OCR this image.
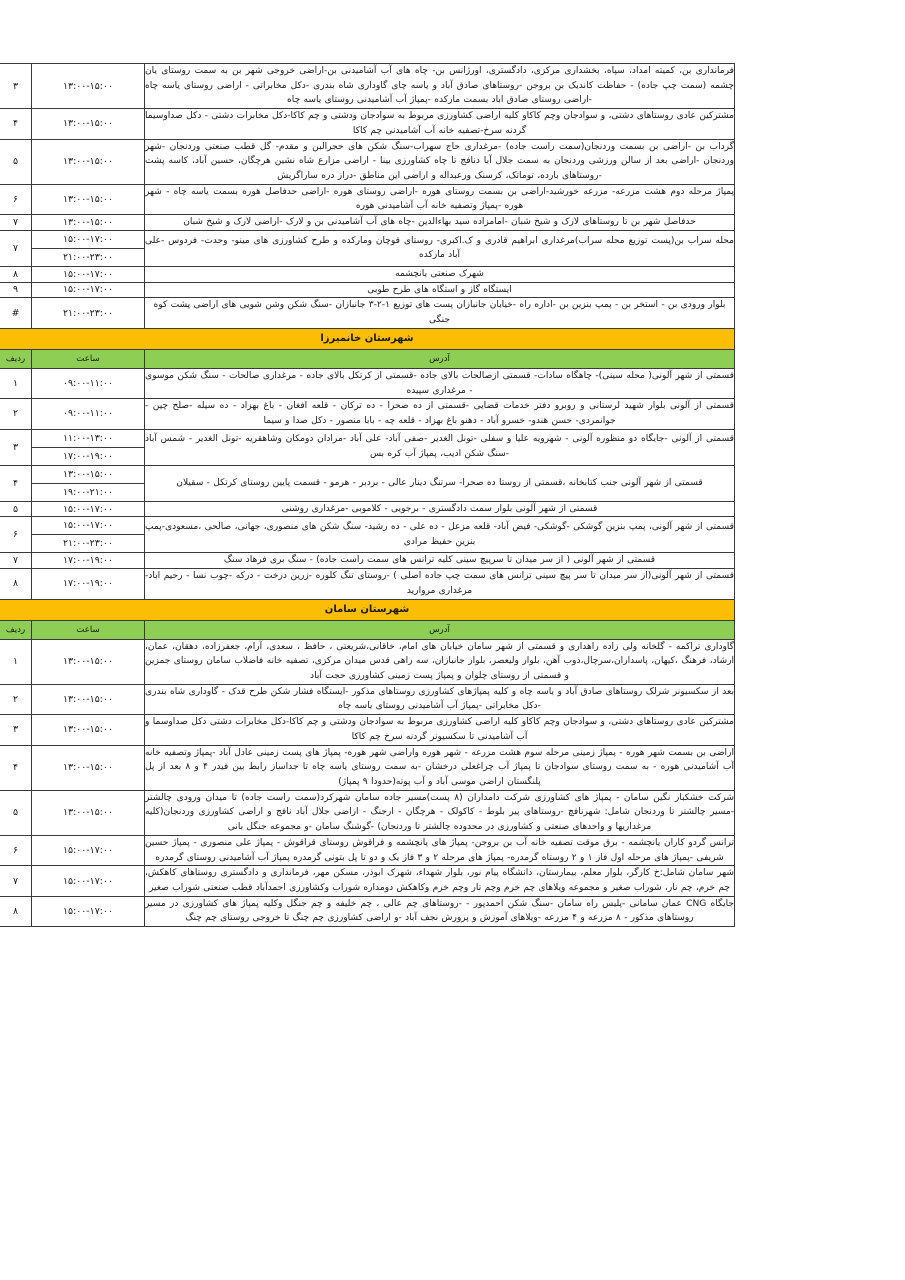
فرمانداری بن، کمیته امداد، سپاه، بخشداری مرکزی، دادگستری، اورژانس بن- چاه های آب آشامیدنی بن-اراضی خروجی شهر بن به سمت روستای یان چشمه (سمت چپ جاده) - حفاظت کاندیک بن بروجن -روستاهای صادق آباد و یاسه چای گاوداری شاه بندری -دکل مخابراتی - اراضی روستای یاسه چاه -اراضی روستای صادق اباد بسمت مارکده -پمپاژ آب آشامیدنی روستای یاسه چاه	۱۳:۰۰-۱۵:۰۰	۳
مشترکین عادی روستاهای دشتی، و سوادجان وچم کاکاو کلیه اراضی کشاورزی مربوط به سوادجان ودشتی و چم کاکا-دکل مخابرات دشتی - دکل صداوسیما گردنه سرخ-تصفیه خانه آب آشامیدنی چم کاکا	۱۳:۰۰-۱۵:۰۰	۴
گرداب بن -اراضی بن بسمت وردنجان(سمت راست جاده) -مرغداری حاج سهراب-سنگ شکن های حجرالبن و مقدم- گل قطب صنعتی وردنجان -شهر وردنجان -اراضی بعد از سالن ورزشی وردنجان به سمت جلال آبا دنافج تا چاه کشاورزی بینا - اراضی مزارع شاه نشین هرچگان، حسین آباد، کاسه پشت -روستاهای بارده، توماتک، کرسنک ورعبداله و اراضی این مناطق -دراز دره ساراگریش	۱۳:۰۰-۱۵:۰۰	۵
پمپاژ مرحله دوم هشت مزرعه- مزرعه خورشید-اراضی بن بسمت روستای هوره -اراضی روستای هوره -اراضی حدفاصل هوره بسمت یاسه چاه - شهر هوره -پمپاژ وتصفیه خانه آب آشامیدنی هوره	۱۳:۰۰-۱۵:۰۰	۶
حدفاصل شهر بن تا روستاهای لارک و شیخ شبان -امامزاده سید بهاءالدین -چاه های آب آشامیدنی بن و لارک -اراضی لارک و شیخ شبان	۱۳:۰۰-۱۵:۰۰	۷
محله سراب بن(پست توزیع محله سراب)مرغداری ابراهیم قادری و ک.اکبری- روستای قوچان ومارکده و طرح کشاورزی های مینو- وحدت- فردوس -علی آباد مارکده	۱۵:۰۰-۱۷:۰۰
۲۱:۰۰-۲۳:۰۰	۷
شهرک صنعتی یانچشمه	۱۵:۰۰-۱۷:۰۰	۸
ایستگاه گاز و استگاه های طرح طوبی	۱۵:۰۰-۱۷:۰۰	۹
بلوار ورودی بن - استخر بن - پمپ بنزین بن -اداره راه -خیابان جانبازان پست های توزیع ۱-۲-۳ جانبازان -سنگ شکن وشن شویی های اراضی پشت کوه جنگی	۲۱:۰۰-۲۳:۰۰	#
شهرستان خانمیرزا		
آدرس	ساعت	ردیف
قسمتی از شهر آلونی( محله سینی)- چاهگاه سادات- قسمتی ازصالحات بالای جاده -قسمتی از کرتکل بالای جاده - مرغداری صالحات - سنگ شکن موسوی - مرغداری سپیده	۰۹:۰۰-۱۱:۰۰	۱
قسمتی از آلونی بلوار شهید لرستانی و روبرو دفتر خدمات قضایی -قسمتی از ده صحرا - ده ترکان - قلعه افغان - باغ بهزاد - ده سیله -صلح چین - جوانمردی- حسن هندو- خسرو آباد - دهنو باغ بهزاد - قلعه چه - بابا منصور - دکل صدا و سیما	۰۹:۰۰-۱۱:۰۰	۲
قسمتی از آلونی -جایگاه دو منظوره آلونی - شهرویه علیا و سفلی -تونل الغدیر -صفی آباد- علی آباد -مرادان دومکان وشاهقریه -تونل الغدیر - شمس آباد -سنگ شکن ادیب، پمپاژ آب کره بس	۱۱:۰۰-۱۳:۰۰
۱۷:۰۰-۱۹:۰۰	۳
قسمتی از شهر آلونی جنب کتابخانه ،قسمتی از روستا ده صحرا- سرتنگ دینار عالی - بردبر - هرمو - قسمت پایین روستای کرتکل - سقیلان	۱۳:۰۰-۱۵:۰۰
۱۹:۰۰-۲۱:۰۰	۴
قسمتی از شهر آلونی بلوار سمت دادگستری - برجویی - کلاموبی -مرغداری روشنی	۱۵:۰۰-۱۷:۰۰	۵
قسمتی از شهر آلونی، پمپ بنزین گوشکی -گوشکی- فیض آباد- قلعه مزعل - ده علی - ده رشید- سنگ شکن های منصوری، جهانی، صالحی ،مسعودی-پمپ بنزین حفیظ مرادی	۱۵:۰۰-۱۷:۰۰
۲۱:۰۰-۲۳:۰۰	۶
قسمتی از شهر آلونی ( از سر میدان تا سرپیچ سینی کلیه ترانس های سمت راست جاده) - سنگ بری فرهاد سنگ	۱۷:۰۰-۱۹:۰۰	۷
قسمتی از شهر آلونی(از سر میدان تا سر پیچ سینی ترانس های سمت چپ جاده اصلی ) -روستای تنگ کلوره -زرین درخت - درکه -چوب نسا - رحیم اباد-مرغداری مروارید	۱۷:۰۰-۱۹:۰۰	۸
شهرستان سامان		
آدرس	ساعت	ردیف
گاوداری تراکمه - گلخانه ولی زاده راهداری و قسمتی از شهر سامان خیابان های امام، خاقانی،شریعتی ، حافظ ، سعدی، آرام، جعفرزاده، دهقان، عمان، ارشاد، فرهنگ ،کیهان، پاسداران،سرچال،ذوب آهن، بلوار ولیعصر، بلوار جانبازان، سه راهی قدس میدان مرکزی، تصفیه خانه فاضلاب سامان روستای جمزین و قسمتی از روستای چلوان و پمپاژ پست زمینی کشاورزی حجت آباد	۱۳:۰۰-۱۵:۰۰	۱
بعد از سکسیونر شرلک روستاهای صادق آباد و یاسه چاه و کلیه پمپاژهای کشاورزی روستاهای مذکور -ایستگاه فشار شکن طرح قدک - گاوداری شاه بندری -دکل مخابراتی -پمپاژ آب آشامیدنی روستای یاسه چاه	۱۳:۰۰-۱۵:۰۰	۲
مشترکین عادی روستاهای دشتی، و سوادجان وچم کاکاو کلیه اراضی کشاورزی مربوط به سوادجان ودشتی و چم کاکا-دکل مخابرات دشتی دکل صداوسما و آب آشامیدنی تا سکسیونر گردنه سرخ چم کاکا	۱۳:۰۰-۱۵:۰۰	۳
اراضی بن بسمت شهر هوره - پمپاژ زمینی مرحله سوم هشت مزرعه - شهر هوره واراضی شهر هوره- پمپاژ های پست زمینی عادل آباد -پمپاژ وتصفیه خانه آب آشامیدنی هوره - به سمت روستای سوادجان تا پمپاژ آب چراغعلی درخشان -به سمت روستای یاسه چاه تا جداساز رابط بین فیدر ۴ و ۸ بعد از پل پلنگستان اراضی موسی آباد و آب پوته(حدودا ۹ پمپاژ)	۱۳:۰۰-۱۵:۰۰	۴
شرکت خشکبار نگین سامان - پمپاژ های کشاورزی شرکت دامداران (۸ پست)مسیر جاده سامان شهرکرد(سمت راست جاده) تا میدان ورودی چالشتر -مسیر چالشتر تا وردنجان شامل: شهرنافچ -روستاهای پیر بلوط - کاکولک - هرچگان - ارجنگ - اراضی جلال آباد نافج و اراضی کشاورزی وردنجان(کلیه مرغداریها و واحدهای صنعتی و کشاورزی در محدوده چالشتر تا وردنجان) -گوشنگ سامان -و مجموعه جنگل بانی	۱۳:۰۰-۱۵:۰۰	۵
ترانس گردو کاران یانچشمه - برق موقت تصفیه خانه آب بن بروجن- پمپاژ های یانچشمه و فراقوش روستای قراقوش - پمپاژ علی منصوری - پمپاژ حسین شریفی -پمپاژ های مرحله اول فاز ۱ و ۲ روستاه گرمدره- پمپاژ های مرحله ۲ و ۳ فاز یک و دو تا پل بتونی گرمدره پمپاژ آب آشامیدنی روستای گرمدره	۱۵:۰۰-۱۷:۰۰	۶
شهر سامان شامل:خ کارگر، بلوار معلم، بیمارستان، دانشگاه پیام نور، بلوار شهداء، شهرک ابوذر، مسکن مهر، فرمانداری و دادگستری روستاهای کاهکش، چم خرم، چم نار، شوراب صغیر و مجموعه ویلاهای چم خرم وچم تار وچم خرم وکاهکش دومداره شوراب وکشاورزی احمدآباد قطب صنعتی شوراب صغیر	۱۵:۰۰-۱۷:۰۰	۷
جایگاه CNG عمان سامانی -پلیس راه سامان -سنگ شکن احمدپور - -روستاهای چم عالی ، چم خلیفه و چم جنگل وکلیه پمپاژ های کشاورزی در مسیر روستاهای مذکور - ۸ مزرعه و ۴ مزرعه -ویلاهای آموزش و پرورش نجف آباد -و اراضی کشاورزی چم چنگ تا خروجی روستای چم چنگ	۱۵:۰۰-۱۷:۰۰	۸
